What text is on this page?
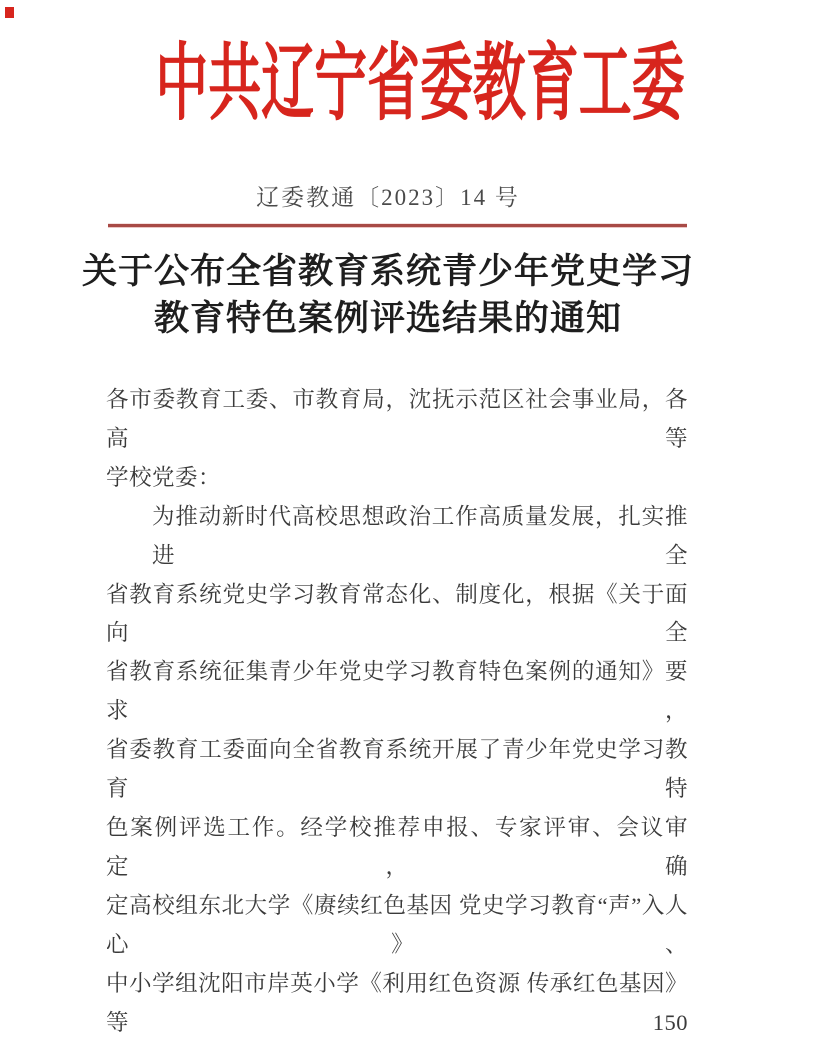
中共辽宁省委教育工委
辽委教通〔2023〕14 号
关于公布全省教育系统青少年党史学习
教育特色案例评选结果的通知
各市委教育工委、市教育局，沈抚示范区社会事业局，各高等
学校党委：
为推动新时代高校思想政治工作高质量发展，扎实推进全
省教育系统党史学习教育常态化、制度化，根据《关于面向全
省教育系统征集青少年党史学习教育特色案例的通知》要求，
省委教育工委面向全省教育系统开展了青少年党史学习教育特
色案例评选工作。经学校推荐申报、专家评审、会议审定，确
定高校组东北大学《赓续红色基因 党史学习教育“声”入人心》、
中小学组沈阳市岸英小学《利用红色资源 传承红色基因》等 150
